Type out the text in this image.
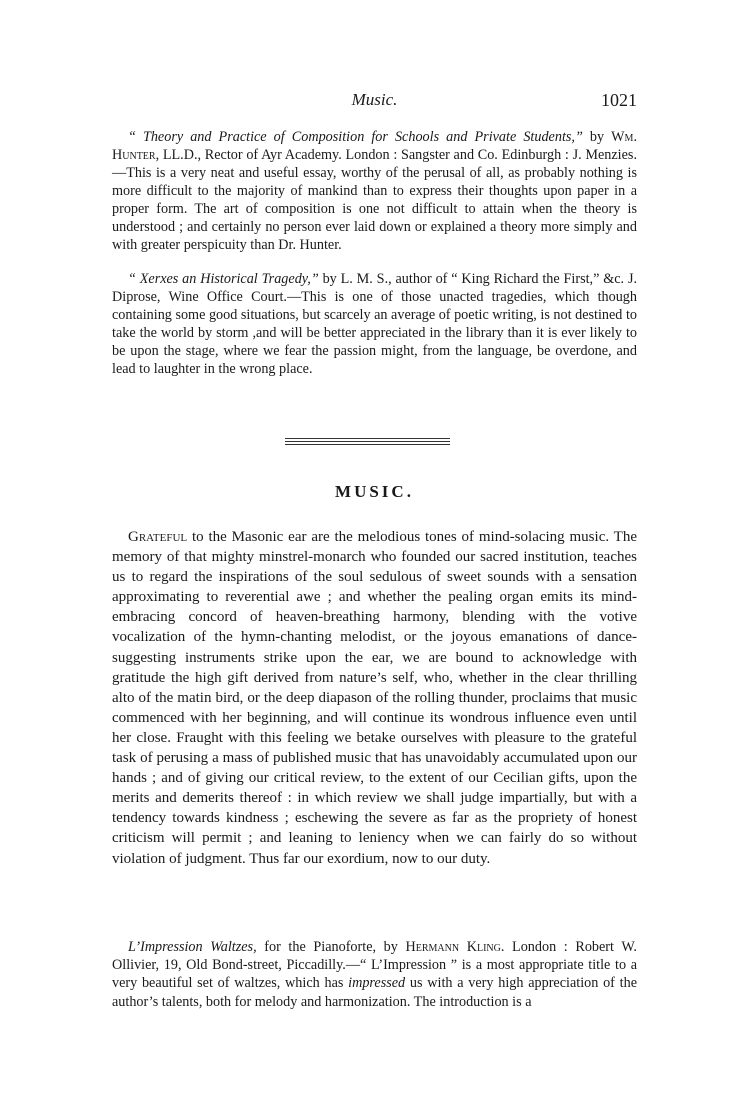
Music.	1021

“ Theory and Practice of Composition for Schools and Private Students,” by Wm. Hunter, LL.D., Rector of Ayr Academy. London : Sangster and Co. Edinburgh : J. Menzies.—This is a very neat and useful essay, worthy of the perusal of all, as probably nothing is more difficult to the majority of mankind than to express their thoughts upon paper in a proper form. The art of composition is one not difficult to attain when the theory is understood ; and certainly no person ever laid down or explained a theory more simply and with greater perspicuity than Dr. Hunter.

“ Xerxes an Historical Tragedy,” by L. M. S., author of “ King Richard the First,” &c. J. Diprose, Wine Office Court.—This is one of those unacted tragedies, which though containing some good situations, but scarcely an average of poetic writing, is not destined to take the world by storm ,and will be better appreciated in the library than it is ever likely to be upon the stage, where we fear the passion might, from the language, be overdone, and lead to laughter in the wrong place.

MUSIC.

Grateful to the Masonic ear are the melodious tones of mind-solacing music. The memory of that mighty minstrel-monarch who founded our sacred institution, teaches us to regard the inspirations of the soul sedulous of sweet sounds with a sensation approximating to reverential awe ; and whether the pealing organ emits its mind-embracing concord of heaven-breathing harmony, blending with the votive vocalization of the hymn-chanting melodist, or the joyous emanations of dance-suggesting instruments strike upon the ear, we are bound to acknowledge with gratitude the high gift derived from nature’s self, who, whether in the clear thrilling alto of the matin bird, or the deep diapason of the rolling thunder, proclaims that music commenced with her beginning, and will continue its wondrous influence even until her close. Fraught with this feeling we betake ourselves with pleasure to the grateful task of perusing a mass of published music that has unavoidably accumulated upon our hands ; and of giving our critical review, to the extent of our Cecilian gifts, upon the merits and demerits thereof : in which review we shall judge impartially, but with a tendency towards kindness ; eschewing the severe as far as the propriety of honest criticism will permit ; and leaning to leniency when we can fairly do so without violation of judgment. Thus far our exordium, now to our duty.

L’Impression Waltzes, for the Pianoforte, by Hermann Kling. London : Robert W. Ollivier, 19, Old Bond-street, Piccadilly.—“ L’Impression ” is a most appropriate title to a very beautiful set of waltzes, which has impressed us with a very high appreciation of the author’s talents, both for melody and harmonization. The introduction is a
